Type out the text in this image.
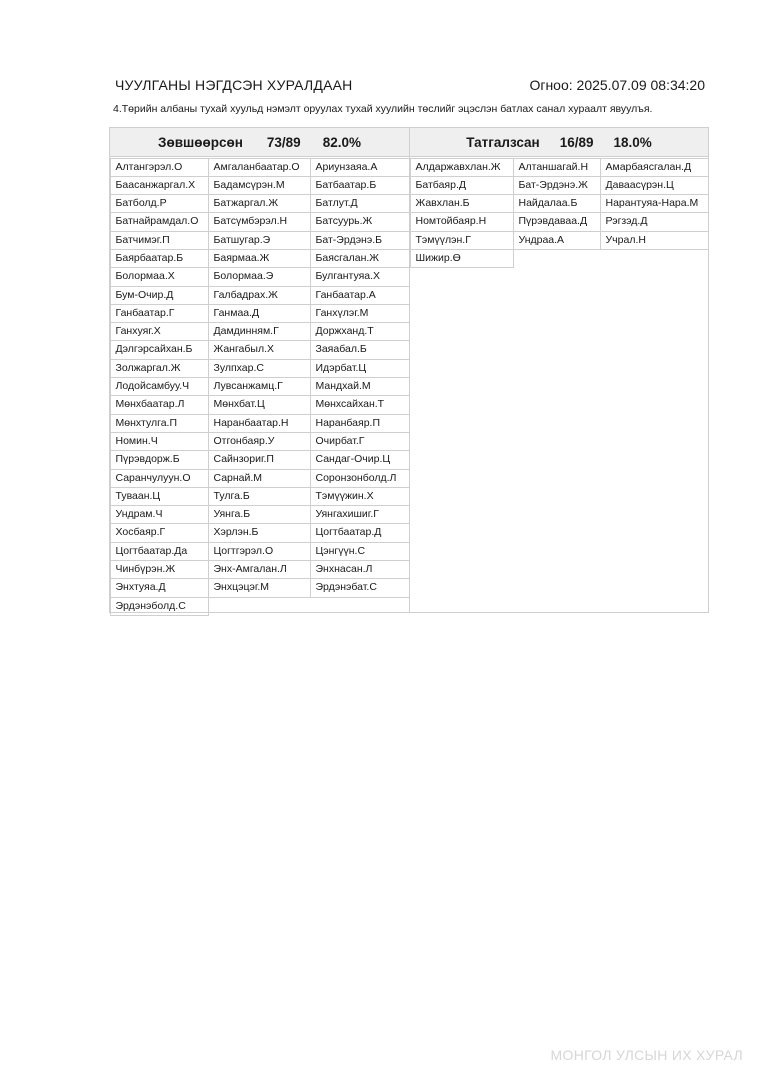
ЧУУЛГАНЫ НЭГДСЭН ХУРАЛДААН	Огноо: 2025.07.09 08:34:20
4.Төрийн албаны тухай хуульд нэмэлт оруулах тухай хуулийн төслийг эцэслэн батлах санал хураалт явуулъя.
Зөвшөөрсөн 73/89 82.0%
Алтангэрэл.О	Амгаланбаатар.О	Ариунзаяа.А
Баасанжаргал.Х	Бадамсүрэн.М	Батбаатар.Б
Батболд.Р	Батжаргал.Ж	Батлут.Д
Батнайрамдал.О	Батсүмбэрэл.Н	Батсуурь.Ж
Батчимэг.П	Батшугар.Э	Бат-Эрдэнэ.Б
Баярбаатар.Б	Баярмаа.Ж	Баясгалан.Ж
Болормаа.Х	Болормаа.Э	Булгантуяа.Х
Бум-Очир.Д	Галбадрах.Ж	Ганбаатар.А
Ганбаатар.Г	Ганмаа.Д	Ганхүлэг.М
Ганхуяг.Х	Дамдинням.Г	Доржханд.Т
Дэлгэрсайхан.Б	Жангабыл.Х	Заяабал.Б
Золжаргал.Ж	Зулпхар.С	Идэрбат.Ц
Лодойсамбуу.Ч	Лувсанжамц.Г	Мандхай.М
Мөнхбаатар.Л	Мөнхбат.Ц	Мөнхсайхан.Т
Мөнхтулга.П	Наранбаатар.Н	Наранбаяр.П
Номин.Ч	Отгонбаяр.У	Очирбат.Г
Пүрэвдорж.Б	Сайнзориг.П	Сандаг-Очир.Ц
Саранчулуун.О	Сарнай.М	Соронзонболд.Л
Туваан.Ц	Тулга.Б	Тэмүүжин.Х
Ундрам.Ч	Уянга.Б	Уянгахишиг.Г
Хосбаяр.Г	Хэрлэн.Б	Цогтбаатар.Д
Цогтбаатар.Да	Цогтгэрэл.О	Цэнгүүн.С
Чинбүрэн.Ж	Энх-Амгалан.Л	Энхнасан.Л
Энхтуяа.Д	Энхцэцэг.М	Эрдэнэбат.С
Эрдэнэболд.С
Татгалзсан 16/89 18.0%
Алдаржавхлан.Ж	Алтаншагай.Н	Амарбаясгалан.Д
Батбаяр.Д	Бат-Эрдэнэ.Ж	Даваасүрэн.Ц
Жавхлан.Б	Найдалаа.Б	Нарантуяа-Нара.М
Номтойбаяр.Н	Пүрэвдаваа.Д	Рэгзэд.Д
Тэмүүлэн.Г	Ундраа.А	Учрал.Н
Шижир.Ө
МОНГОЛ УЛСЫН ИХ ХУРАЛ
